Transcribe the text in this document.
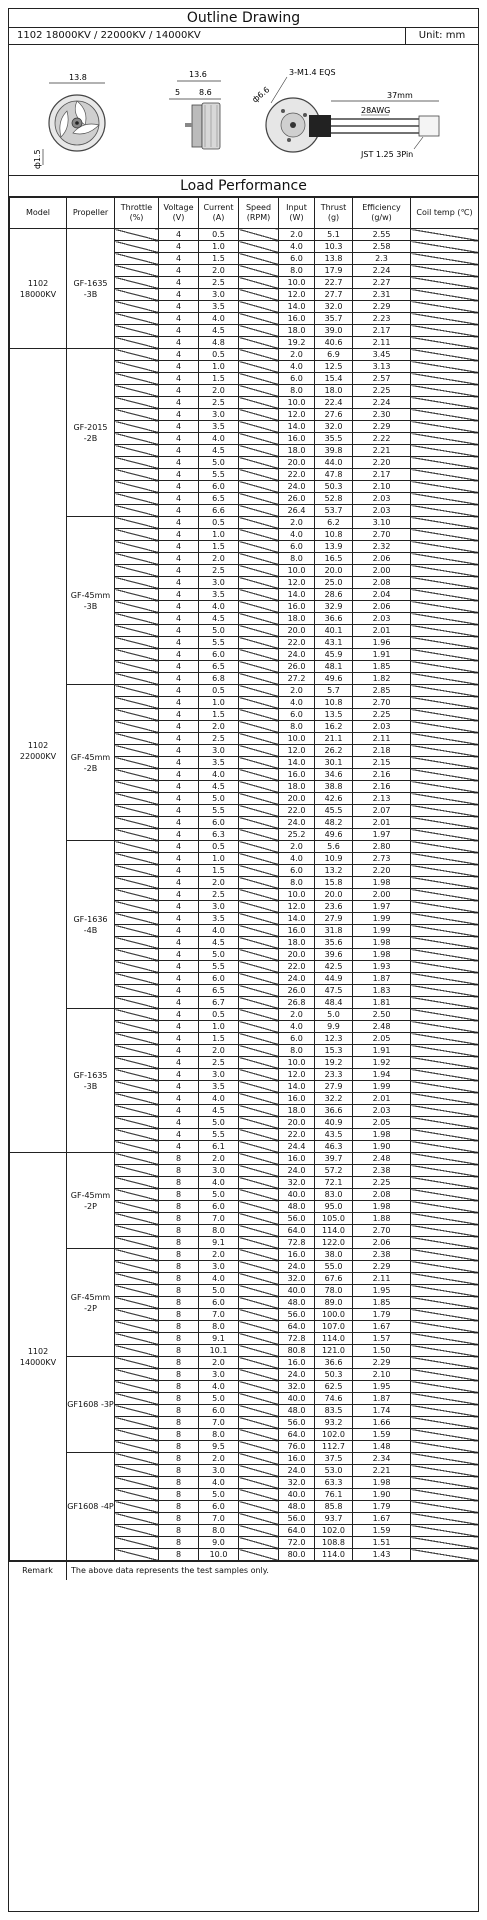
Outline Drawing
1102 18000KV / 22000KV / 14000KV	Unit: mm
13.8
ф1.5
13.6
5 8.6
3-M1.4 EQS
ф6.6	37mm
28AWG
JST 1.25 3Pin
Load Performance
Model	Propeller	Throttle (%)	Voltage (V)	Current (A)	Speed (RPM)	Input (W)	Thrust (g)	Efficiency (g/w)	Coil temp (℃)
1102 18000KV	GF-1635 -3B		4	0.5		2.0	5.1	2.55	
			4	1.0		4.0	10.3	2.58	
			4	1.5		6.0	13.8	2.3	
			4	2.0		8.0	17.9	2.24	
			4	2.5		10.0	22.7	2.27	
			4	3.0		12.0	27.7	2.31	
			4	3.5		14.0	32.0	2.29	
			4	4.0		16.0	35.7	2.23	
			4	4.5		18.0	39.0	2.17	
			4	4.8		19.2	40.6	2.11	
1102 22000KV	GF-2015 -2B		4	0.5		2.0	6.9	3.45	
			4	1.0		4.0	12.5	3.13	
			4	1.5		6.0	15.4	2.57	
			4	2.0		8.0	18.0	2.25	
			4	2.5		10.0	22.4	2.24	
			4	3.0		12.0	27.6	2.30	
			4	3.5		14.0	32.0	2.29	
			4	4.0		16.0	35.5	2.22	
			4	4.5		18.0	39.8	2.21	
			4	5.0		20.0	44.0	2.20	
			4	5.5		22.0	47.8	2.17	
			4	6.0		24.0	50.3	2.10	
			4	6.5		26.0	52.8	2.03	
			4	6.6		26.4	53.7	2.03	
	GF-45mm -3B		4	0.5		2.0	6.2	3.10	
			4	1.0		4.0	10.8	2.70	
			4	1.5		6.0	13.9	2.32	
			4	2.0		8.0	16.5	2.06	
			4	2.5		10.0	20.0	2.00	
			4	3.0		12.0	25.0	2.08	
			4	3.5		14.0	28.6	2.04	
			4	4.0		16.0	32.9	2.06	
			4	4.5		18.0	36.6	2.03	
			4	5.0		20.0	40.1	2.01	
			4	5.5		22.0	43.1	1.96	
			4	6.0		24.0	45.9	1.91	
			4	6.5		26.0	48.1	1.85	
			4	6.8		27.2	49.6	1.82	
	GF-45mm -2B		4	0.5		2.0	5.7	2.85	
			4	1.0		4.0	10.8	2.70	
			4	1.5		6.0	13.5	2.25	
			4	2.0		8.0	16.2	2.03	
			4	2.5		10.0	21.1	2.11	
			4	3.0		12.0	26.2	2.18	
			4	3.5		14.0	30.1	2.15	
			4	4.0		16.0	34.6	2.16	
			4	4.5		18.0	38.8	2.16	
			4	5.0		20.0	42.6	2.13	
			4	5.5		22.0	45.5	2.07	
			4	6.0		24.0	48.2	2.01	
			4	6.3		25.2	49.6	1.97	
	GF-1636 -4B		4	0.5		2.0	5.6	2.80	
			4	1.0		4.0	10.9	2.73	
			4	1.5		6.0	13.2	2.20	
			4	2.0		8.0	15.8	1.98	
			4	2.5		10.0	20.0	2.00	
			4	3.0		12.0	23.6	1.97	
			4	3.5		14.0	27.9	1.99	
			4	4.0		16.0	31.8	1.99	
			4	4.5		18.0	35.6	1.98	
			4	5.0		20.0	39.6	1.98	
			4	5.5		22.0	42.5	1.93	
			4	6.0		24.0	44.9	1.87	
			4	6.5		26.0	47.5	1.83	
			4	6.7		26.8	48.4	1.81	
	GF-1635 -3B		4	0.5		2.0	5.0	2.50	
			4	1.0		4.0	9.9	2.48	
			4	1.5		6.0	12.3	2.05	
			4	2.0		8.0	15.3	1.91	
			4	2.5		10.0	19.2	1.92	
			4	3.0		12.0	23.3	1.94	
			4	3.5		14.0	27.9	1.99	
			4	4.0		16.0	32.2	2.01	
			4	4.5		18.0	36.6	2.03	
			4	5.0		20.0	40.9	2.05	
			4	5.5		22.0	43.5	1.98	
			4	6.1		24.4	46.3	1.90	
1102 14000KV	GF-45mm -2P		8	2.0		16.0	39.7	2.48	
			8	3.0		24.0	57.2	2.38	
			8	4.0		32.0	72.1	2.25	
			8	5.0		40.0	83.0	2.08	
			8	6.0		48.0	95.0	1.98	
			8	7.0		56.0	105.0	1.88	
			8	8.0		64.0	114.0	2.70	
			8	9.1		72.8	122.0	2.06	
	GF-45mm -2P		8	2.0		16.0	38.0	2.38	
			8	3.0		24.0	55.0	2.29	
			8	4.0		32.0	67.6	2.11	
			8	5.0		40.0	78.0	1.95	
			8	6.0		48.0	89.0	1.85	
			8	7.0		56.0	100.0	1.79	
			8	8.0		64.0	107.0	1.67	
			8	9.1		72.8	114.0	1.57	
			8	10.1		80.8	121.0	1.50	
	GF1608 -3P		8	2.0		16.0	36.6	2.29	
			8	3.0		24.0	50.3	2.10	
			8	4.0		32.0	62.5	1.95	
			8	5.0		40.0	74.6	1.87	
			8	6.0		48.0	83.5	1.74	
			8	7.0		56.0	93.2	1.66	
			8	8.0		64.0	102.0	1.59	
			8	9.5		76.0	112.7	1.48	
	GF1608 -4P		8	2.0		16.0	37.5	2.34	
			8	3.0		24.0	53.0	2.21	
			8	4.0		32.0	63.3	1.98	
			8	5.0		40.0	76.1	1.90	
			8	6.0		48.0	85.8	1.79	
			8	7.0		56.0	93.7	1.67	
			8	8.0		64.0	102.0	1.59	
			8	9.0		72.0	108.8	1.51	
			8	10.0		80.0	114.0	1.43	
Remark	The above data represents the test samples only.
